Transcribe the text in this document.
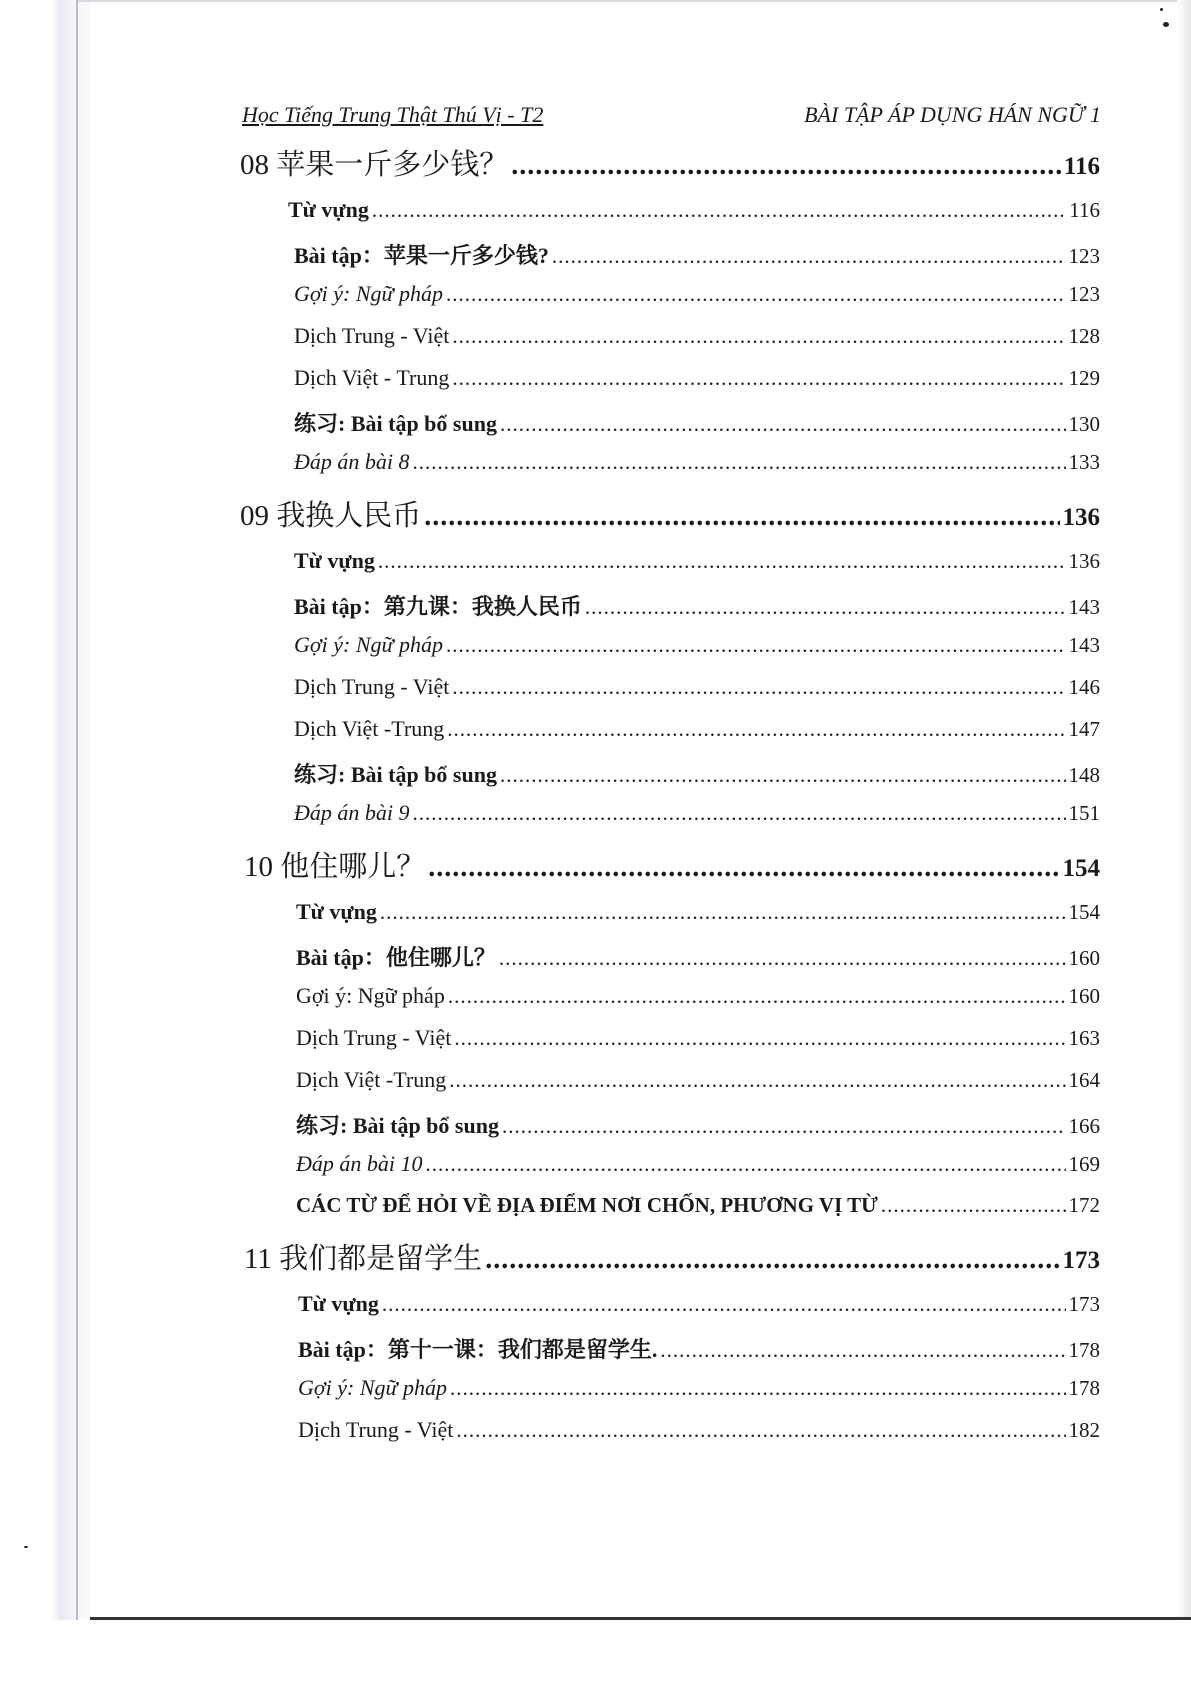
Học Tiếng Trung Thật Thú Vị - T2	BÀI TẬP ÁP DỤNG HÁN NGỮ 1
08 苹果一斤多少钱？ .....	116
Từ vựng .....	116
Bài tập：苹果一斤多少钱? .....	123
Gợi ý: Ngữ pháp .....	123
Dịch Trung - Việt .....	128
Dịch Việt - Trung .....	129
练习: Bài tập bổ sung .....	130
Đáp án bài 8 .....	133
09 我换人民币 .....	136
Từ vựng .....	136
Bài tập：第九课：我换人民币 .....	143
Gợi ý: Ngữ pháp .....	143
Dịch Trung - Việt .....	146
Dịch Việt -Trung .....	147
练习: Bài tập bổ sung .....	148
Đáp án bài 9 .....	151
10 他住哪儿？ .....	154
Từ vựng .....	154
Bài tập：他住哪儿？ .....	160
Gợi ý: Ngữ pháp .....	160
Dịch Trung - Việt .....	163
Dịch Việt -Trung .....	164
练习: Bài tập bổ sung .....	166
Đáp án bài 10 .....	169
CÁC TỪ ĐỂ HỎI VỀ ĐỊA ĐIỂM NƠI CHỐN, PHƯƠNG VỊ TỪ .....	172
11 我们都是留学生 .....	173
Từ vựng .....	173
Bài tập：第十一课：我们都是留学生. .....	178
Gợi ý: Ngữ pháp .....	178
Dịch Trung - Việt .....	182
